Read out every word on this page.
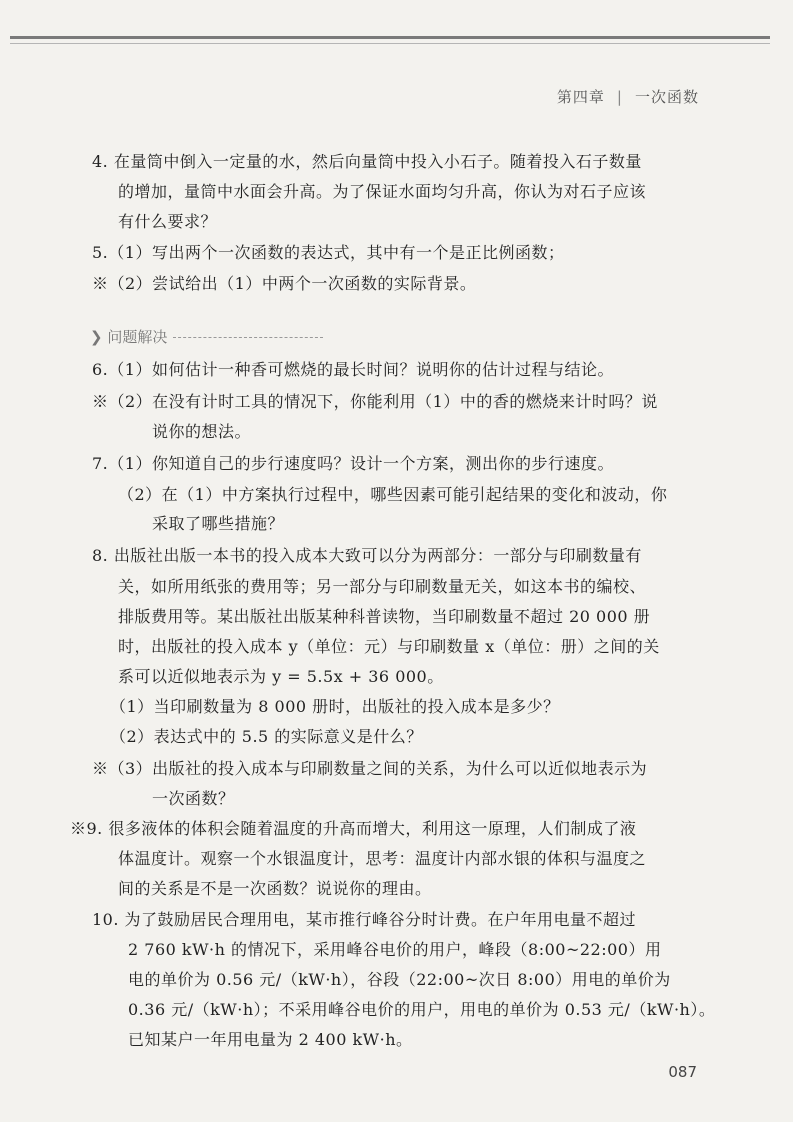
第四章 | 一次函数
4. 在量筒中倒入一定量的水，然后向量筒中投入小石子。随着投入石子数量
的增加，量筒中水面会升高。为了保证水面均匀升高，你认为对石子应该
有什么要求？
5.（1）写出两个一次函数的表达式，其中有一个是正比例函数；
※（2）尝试给出（1）中两个一次函数的实际背景。
❯ 问题解决
6.（1）如何估计一种香可燃烧的最长时间？说明你的估计过程与结论。
※（2）在没有计时工具的情况下，你能利用（1）中的香的燃烧来计时吗？说
说你的想法。
7.（1）你知道自己的步行速度吗？设计一个方案，测出你的步行速度。
（2）在（1）中方案执行过程中，哪些因素可能引起结果的变化和波动，你
采取了哪些措施？
8. 出版社出版一本书的投入成本大致可以分为两部分：一部分与印刷数量有
关，如所用纸张的费用等；另一部分与印刷数量无关，如这本书的编校、
排版费用等。某出版社出版某种科普读物，当印刷数量不超过 20 000 册
时，出版社的投入成本 y（单位：元）与印刷数量 x（单位：册）之间的关
系可以近似地表示为 y = 5.5x + 36 000。
（1）当印刷数量为 8 000 册时，出版社的投入成本是多少？
（2）表达式中的 5.5 的实际意义是什么？
※（3）出版社的投入成本与印刷数量之间的关系，为什么可以近似地表示为
一次函数？
※9. 很多液体的体积会随着温度的升高而增大，利用这一原理，人们制成了液
体温度计。观察一个水银温度计，思考：温度计内部水银的体积与温度之
间的关系是不是一次函数？说说你的理由。
10. 为了鼓励居民合理用电，某市推行峰谷分时计费。在户年用电量不超过
2 760 kW·h 的情况下，采用峰谷电价的用户，峰段（8:00~22:00）用
电的单价为 0.56 元/（kW·h），谷段（22:00~次日 8:00）用电的单价为
0.36 元/（kW·h）；不采用峰谷电价的用户，用电的单价为 0.53 元/（kW·h）。
已知某户一年用电量为 2 400 kW·h。
087
